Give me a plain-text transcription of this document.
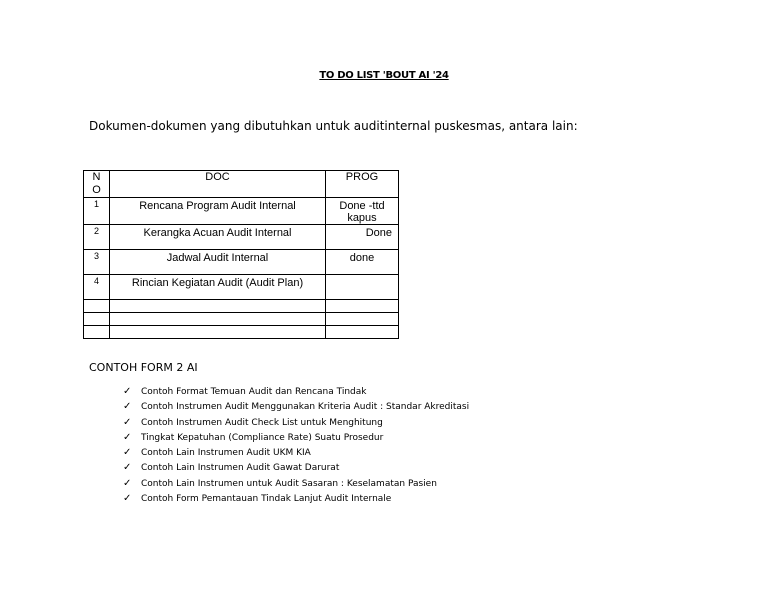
TO DO LIST 'BOUT AI '24
Dokumen-dokumen yang dibutuhkan untuk auditinternal puskesmas, antara lain:
N
O	DOC	PROG

1	Rencana Program Audit Internal	Done -ttd
kapus

2	Kerangka Acuan Audit Internal	Done

3	Jadwal Audit Internal	done

4	Rincian Kegiatan Audit (Audit Plan)	

CONTOH FORM 2 AI
✓ Contoh Format Temuan Audit dan Rencana Tindak
✓ Contoh Instrumen Audit Menggunakan Kriteria Audit : Standar Akreditasi
✓ Contoh Instrumen Audit Check List untuk Menghitung
✓ Tingkat Kepatuhan (Compliance Rate) Suatu Prosedur
✓ Contoh Lain Instrumen Audit UKM KIA
✓ Contoh Lain Instrumen Audit Gawat Darurat
✓ Contoh Lain Instrumen untuk Audit Sasaran : Keselamatan Pasien
✓ Contoh Form Pemantauan Tindak Lanjut Audit Internale
